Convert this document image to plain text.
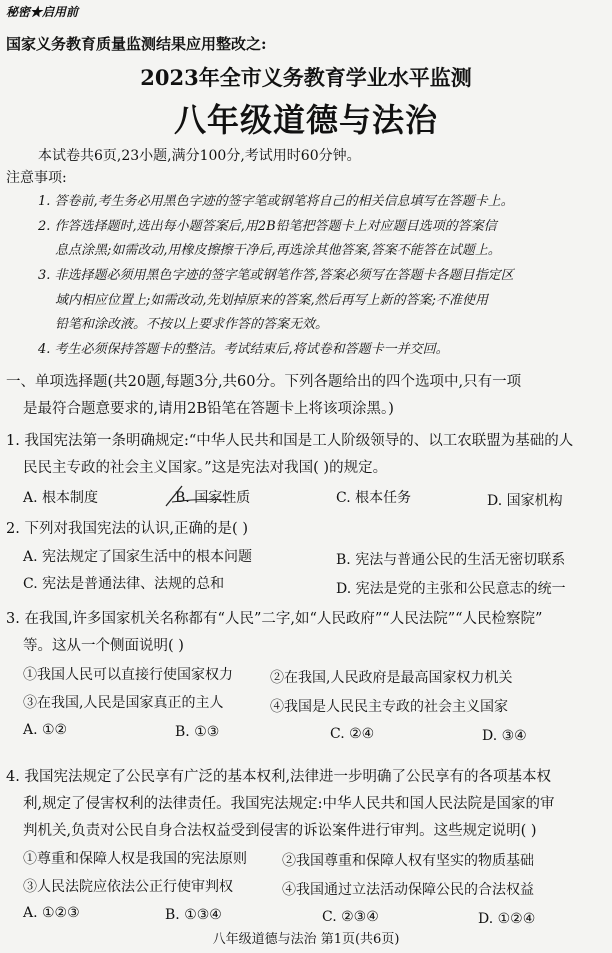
秘密★启用前
国家义务教育质量监测结果应用整改之:
2023年全市义务教育学业水平监测
八年级道德与法治
本试卷共6页,23小题,满分100分,考试用时60分钟。
注意事项:
1. 答卷前,考生务必用黑色字迹的签字笔或钢笔将自己的相关信息填写在答题卡上。
2. 作答选择题时,选出每小题答案后,用2B铅笔把答题卡上对应题目选项的答案信
息点涂黑;如需改动,用橡皮擦擦干净后,再选涂其他答案,答案不能答在试题上。
3. 非选择题必须用黑色字迹的签字笔或钢笔作答,答案必须写在答题卡各题目指定区
域内相应位置上;如需改动,先划掉原来的答案,然后再写上新的答案;不准使用
铅笔和涂改液。不按以上要求作答的答案无效。
4. 考生必须保持答题卡的整洁。考试结束后,将试卷和答题卡一并交回。
一、单项选择题(共20题,每题3分,共60分。下列各题给出的四个选项中,只有一项
是最符合题意要求的,请用2B铅笔在答题卡上将该项涂黑。)
1. 我国宪法第一条明确规定:“中华人民共和国是工人阶级领导的、以工农联盟为基础的人
民民主专政的社会主义国家。”这是宪法对我国( )的规定。
A. 根本制度	B. 国家性质	C. 根本任务	D. 国家机构
2. 下列对我国宪法的认识,正确的是( )
A. 宪法规定了国家生活中的根本问题	B. 宪法与普通公民的生活无密切联系
C. 宪法是普通法律、法规的总和	D. 宪法是党的主张和公民意志的统一
3. 在我国,许多国家机关名称都有“人民”二字,如“人民政府”“人民法院”“人民检察院”
等。这从一个侧面说明( )
①我国人民可以直接行使国家权力	②在我国,人民政府是最高国家权力机关
③在我国,人民是国家真正的主人	④我国是人民民主专政的社会主义国家
A. ①②	B. ①③	C. ②④	D. ③④
4. 我国宪法规定了公民享有广泛的基本权利,法律进一步明确了公民享有的各项基本权
利,规定了侵害权利的法律责任。我国宪法规定:中华人民共和国人民法院是国家的审
判机关,负责对公民自身合法权益受到侵害的诉讼案件进行审判。这些规定说明( )
①尊重和保障人权是我国的宪法原则	②我国尊重和保障人权有坚实的物质基础
③人民法院应依法公正行使审判权	④我国通过立法活动保障公民的合法权益
A. ①②③	B. ①③④	C. ②③④	D. ①②④
八年级道德与法治 第1页(共6页)
